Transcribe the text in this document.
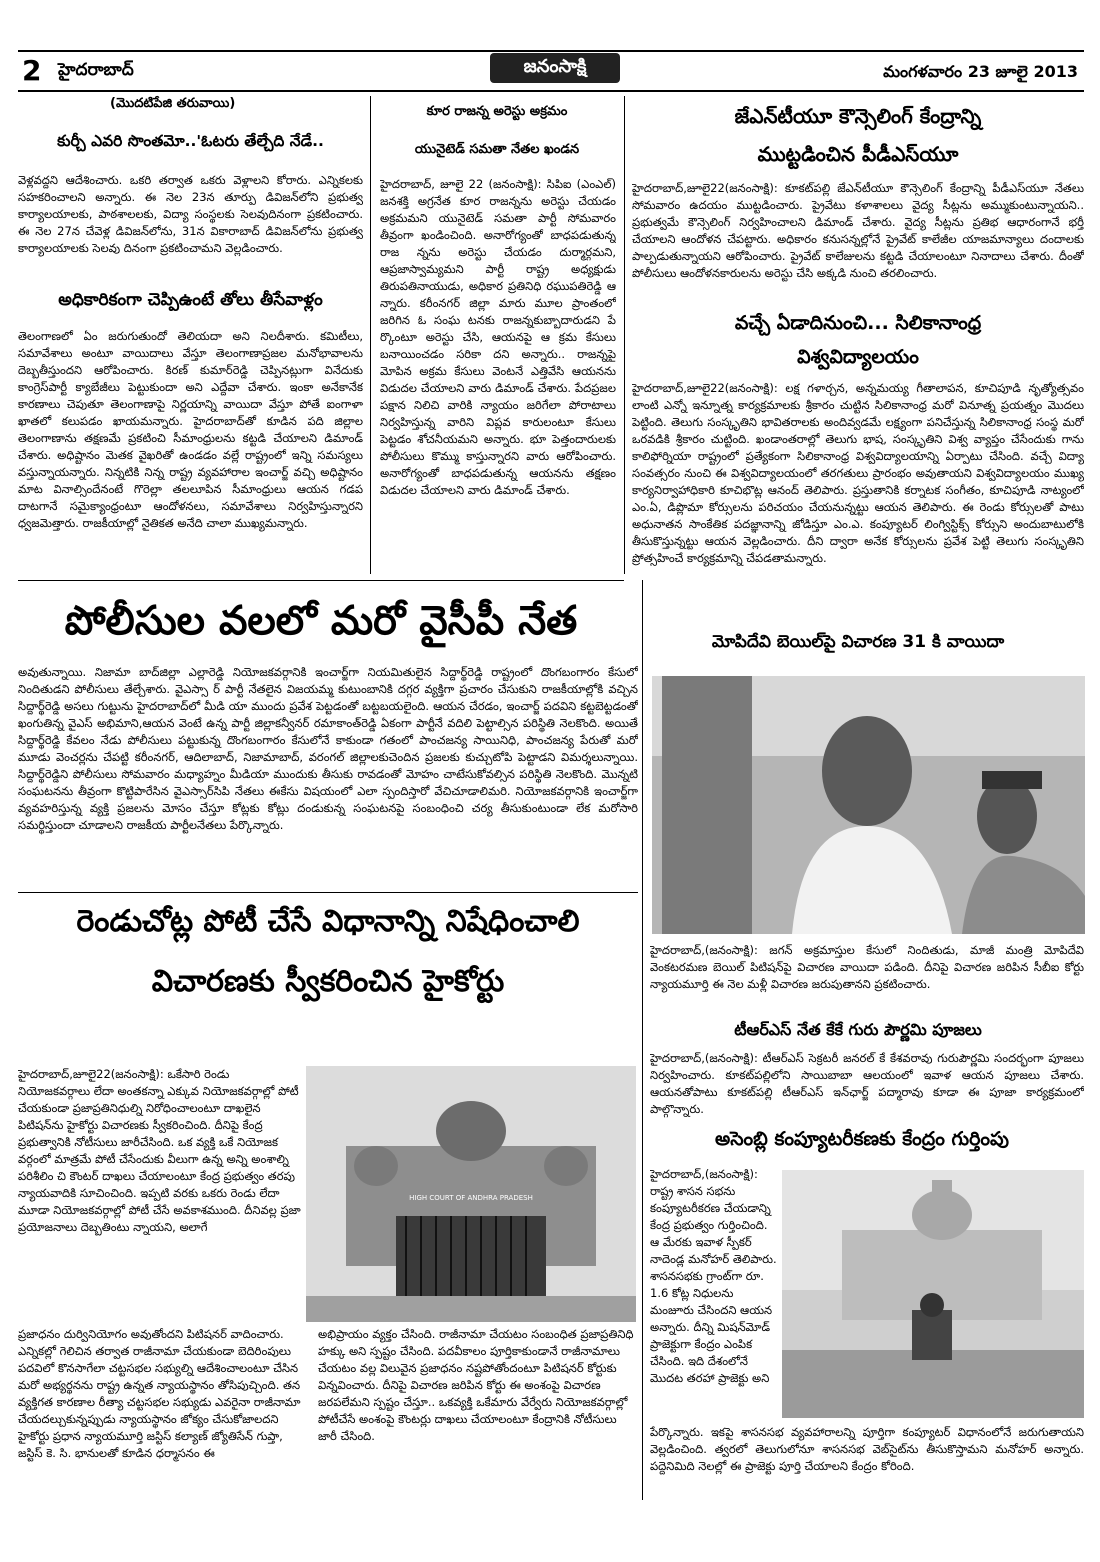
2 హైదరాబాద్	జనంసాక్షి	మంగళవారం 23 జూలై 2013
(మొదటిపేజి తరువాయి)
కుర్చీ ఎవరి సొంతమో..'ఓటరు తేల్చేది నేడే..
వెళ్లవద్దని ఆదేశించారు. ఒకరి తర్వాత ఒకరు వెళ్లాలని కోరారు. ఎన్నికలకు సహకరించాలని అన్నారు. ఈ నెల 23న తూర్పు డివిజన్‌లోని ప్రభుత్వ కార్యాలయాలకు, పాఠశాలలకు, విద్యా సంస్థలకు సెలవుదినంగా ప్రకటించారు. ఈ నెల 27న చేవెళ్ల డివిజన్‌లోను, 31న వికారాబాద్ డివిజన్‌లోను ప్రభుత్వ కార్యాలయాలకు సెలవు దినంగా ప్రకటించామని వెల్లడించారు.
అధికారికంగా చెప్పిఉంటే తోలు తీసేవాళ్లం
తెలంగాణలో ఏం జరుగుతుందో తెలియదా అని నిలదీశారు. కమిటీలు, సమావేశాలు అంటూ వాయిదాలు వేస్తూ తెలంగాణాప్రజల మనోభావాలను దెబ్బతీస్తుందని ఆరోపించారు. కిరణ్ కుమార్‌రెడ్డి చెప్పినట్లుగా వినేదుకు కాంగ్రెస్‌పార్టీ క్యాబేజీలు పెట్టుకుందా అని ఎద్దేవా చేశారు. ఇంకా అనేకానేక కారణాలు చెపుతూ తెలంగాణాపై నిర్ణయాన్ని వాయిదా వేస్తూ పోతే ఐంగాళా ఖాతలో కలుపడం ఖాయమన్నారు. హైదరాబాద్‌తో కూడిన పది జిల్లాల తెలంగాణాను తక్షణమే ప్రకటించి సీమాంధ్రులను కట్టడి చేయాలని డిమాండ్ చేశారు. అధిష్టానం మెతక వైఖరితో ఉండడం వల్లే రాష్ట్రంలో ఇన్ని సమస్యలు వస్తున్నాయన్నారు. నిన్నటికి నిన్న రాష్ట్ర వ్యవహారాల ఇంచార్జ్ వచ్చి అధిష్టానం మాట వినాల్సిందేనంటే గొరెల్లా తలలూపిన సీమాంధ్రులు ఆయన గడప దాటగానే సమైక్యాంధ్రంటూ ఆందోళనలు, సమావేశాలు నిర్వహిస్తున్నారని ధ్వజమెత్తారు. రాజకీయాల్లో నైతికత అనేది చాలా ముఖ్యమన్నారు.
కూర రాజన్న అరెస్టు అక్రమం
యునైటెడ్ సమతా నేతల ఖండన
హైదరాబాద్, జూలై 22 (జనంసాక్షి): సిపిఐ (ఎంఎల్) జనశక్తి అగ్రనేత కూర రాజన్నను అరెస్టు చేయడం అక్రమమని యునైటెడ్ సమతా పార్టీ సోమవారం తీవ్రంగా ఖండించింది. అనారోగ్యంతో బాధపడుతున్న రాజ న్నను అరెస్టు చేయడం దుర్మార్గమని, ఆప్రజాస్వామ్యమని పార్టీ రాష్ట్ర అధ్యక్షుడు తిరుపతినాయుడు, అధికార ప్రతినిధి రఘుపతిరెడ్డి ఆ న్నారు. కరీంనగర్ జిల్లా మారు మూల ప్రాంతంలో జరిగిన ఓ సంఘ టనకు రాజన్నకుబ్బాదారుడని పే ర్కొంటూ అరెస్టు చేసి, ఆయనపై ఆ క్రమ కేసులు బనాయించడం సరికా దని అన్నారు.. రాజన్నపై మోపిన అక్రమ కేసులు వెంటనే ఎత్తివేసి ఆయనను విడుదల చేయాలని వారు డిమాండ్ చేశారు. పేదప్రజల పక్షాన నిలిచి వారికి న్యాయం జరిగేలా పోరాటాలు నిర్వహిస్తున్న వారిని విప్లవ కారులంటూ కేసులు పెట్టడం శోచనీయమని అన్నారు. భూ పెత్తందారులకు పోలీసులు కొమ్ము కాస్తున్నారని వారు ఆరోపించారు. అనారోగ్యంతో బాధపడుతున్న ఆయనను తక్షణం విడుదల చేయాలని వారు డిమాండ్ చేశారు.
జేఎన్‌టీయూ కౌన్సెలింగ్ కేంద్రాన్ని
ముట్టడించిన పీడీఎస్‌యూ
హైదరాబాద్,జూలై22(జనంసాక్షి): కూకట్‌పల్లి జేఎన్‌టీయూ కౌన్సెలింగ్ కేంద్రాన్ని పీడీఎస్‌యూ నేతలు సోమవారం ఉదయం ముట్టడించారు. ప్రైవేటు కళాశాలలు వైద్య సీట్లను అమ్ముకుంటున్నాయని.. ప్రభుత్వమే కౌన్సెలింగ్ నిర్వహించాలని డిమాండ్ చేశారు. వైద్య సీట్లను ప్రతిభ ఆధారంగానే భర్తీ చేయాలని ఆందోళన చేపట్టారు. అధికారం కనుసన్నల్లోనే ప్రైవేట్ కాలేజీల యాజమాన్యాలు దందాలకు పాల్పడుతున్నాయని ఆరోపించారు. ప్రైవేట్ కాలేజులను కట్టడి చేయాలంటూ నినాదాలు చేశారు. దీంతో పోలీసులు ఆందోళనకారులను అరెస్టు చేసి అక్కడి నుంచి తరలించారు.
వచ్చే ఏడాదినుంచి... సిలికానాంధ్ర
విశ్వవిద్యాలయం
హైదరాబాద్,జూలై22(జనంసాక్షి): లక్ష గళార్చన, అన్నమయ్య గీతాలాపన, కూచిపూడి నృత్యోత్సవం లాంటి ఎన్నో ఇన్నూత్న కార్యక్రమాలకు శ్రీకారం చుట్టిన సిలికానాంధ్ర మరో వినూత్న ప్రయత్నం మొదలు పెట్టింది. తెలుగు సంస్కృతిని భావితరాలకు అందివ్వడమే లక్ష్యంగా పనిచేస్తున్న సిలికానాంధ్ర సంస్థ మరో ఒరవడికి శ్రీకారం చుట్టింది. ఖండాంతరాల్లో తెలుగు భాష, సంస్కృతిని విశ్వ వ్యాప్తం చేసేందుకు గాను కాలిఫోర్నియా రాష్ట్రంలో ప్రత్యేకంగా సిలికానాంధ్ర విశ్వవిద్యాలయాన్ని ఏర్పాటు చేసింది. వచ్చే విద్యా సంవత్సరం నుంచి ఈ విశ్వవిద్యాలయంలో తరగతులు ప్రారంభం అవుతాయని విశ్వవిద్యాలయం ముఖ్య కార్యనిర్వాహాధికారి కూచిభొట్ల ఆనంద్ తెలిపారు. ప్రస్తుతానికి కర్నాటక సంగీతం, కూచిపూడి నాట్యంలో ఎం.ఏ, డిప్లొమా కోర్సులను పరిచయం చేయనున్నట్టు ఆయన తెలిపారు. ఈ రెండు కోర్సులతో పాటు అధునాతన సాంకేతిక పదజ్ఞానాన్ని జోడిస్తూ ఎం.ఎ. కంప్యూటర్ లింగ్విస్టిక్స్ కోర్సుని అందుబాటులోకి తీసుకొస్తున్నట్టు ఆయన వెల్లడించారు. దీని ద్వారా అనేక కోర్సులను ప్రవేశ పెట్టి తెలుగు సంస్కృతిని ప్రోత్సహించే కార్యక్రమాన్ని చేపడతామన్నారు.
మోపిదేవి బెయిల్‌పై విచారణ 31 కి వాయిదా
హైదరాబాద్,(జనంసాక్షి): జగన్ అక్రమాస్తుల కేసులో నిందితుడు, మాజీ మంత్రి మోపిదేవి వెంకటరమణ బెయిల్ పిటిషన్‌పై విచారణ వాయిదా పడింది. దీనిపై విచారణ జరిపిన సీబీఐ కోర్టు న్యాయమూర్తి ఈ నెల మళ్లీ విచారణ జరుపుతానని ప్రకటించారు.
టీఆర్ఎస్ నేత కేకే గురు పౌర్ణమి పూజలు
హైదరాబాద్,(జనంసాక్షి): టీఆర్ఎస్ సెక్రటరీ జనరల్ కే కేశవరావు గురుపౌర్ణమి సందర్భంగా పూజలు నిర్వహించారు. కూకట్‌పల్లిలోని సాయిబాబా ఆలయంలో ఇవాళ ఆయన పూజలు చేశారు. ఆయనతోపాటు కూకట్‌పల్లి టీఆర్ఎస్ ఇన్‌ఛార్జ్ పద్మారావు కూడా ఈ పూజా కార్యక్రమంలో పాల్గొన్నారు.
అసెంబ్లి కంప్యూటరీకణకు కేంద్రం గుర్తింపు
హైదరాబాద్,(జనంసాక్షి): రాష్ట్ర శాసన సభను కంప్యూటరీకరణ చేయడాన్ని కేంద్ర ప్రభుత్వం గుర్తించింది. ఆ మేరకు ఇవాళ స్పీకర్ నాదెండ్ల మనోహర్ తెలిపారు. శాసనసభకు గ్రాంట్‌గా రూ. 1.6 కోట్ల నిధులను మంజూరు చేసిందని ఆయన అన్నారు. దీన్ని మిషన్‌మోడ్ ప్రాజెక్టుగా కేంద్రం ఎంపిక చేసింది. ఇది దేశంలోనే మొదట తరహా ప్రాజెక్టు అని
పేర్కొన్నారు. ఇకపై శాసనసభ వ్యవహారాలన్ని పూర్తిగా కంప్యూటర్ విధానంలోనే జరుగుతాయని వెల్లడించింది. త్వరలో తెలుగులోనూ శాసనసభ వెబ్‌సైట్‌ను తీసుకొస్తామని మనోహర్ అన్నారు. పద్దెనిమిది నెలల్లో ఈ ప్రాజెక్టు పూర్తి చేయాలని కేంద్రం కోరింది.
పోలీసుల వలలో మరో వైసీపీ నేత
అవుతున్నాయి. నిజామా బాద్‌జిల్లా ఎల్లారెడ్డి నియోజకవర్గానికి ఇంచార్జ్‌గా నియమితులైన సిద్దార్థ్‌రెడ్డి రాష్ట్రంలో దొంగబంగారం కేసులో నిందితుడని పోలీసులు తేల్చేశారు. వైఎస్సా ర్ పార్టీ నేతలైన విజయమ్మ కుటుంబానికి దగ్గర వ్యక్తిగా ప్రచారం చేసుకుని రాజకీయాల్లోకి వచ్చిన సిద్దార్థ్‌రెడ్డి అసలు గుట్టును హైదరాబాద్‌లో మీడి యా ముందు ప్రవేశ పెట్టడంతో బట్టబయలైంది. ఆయన చేరడం, ఇంచార్జ్ పదవిని కట్టబెట్టడంతో ఖంగుతిన్న వైఎస్ అభిమాని,ఆయన వెంటే ఉన్న పార్టీ జిల్లాకన్వీనర్ రమాకాంత్‌రెడ్డి ఏకంగా పార్టీనే వదిలి పెట్టాల్సిన పరిస్థితి నెలకొంది. అయితే సిద్దార్థ్‌రెడ్డి కేవలం నేడు పోలీసులు పట్టుకున్న దొంగబంగారం కేసులోనే కాకుండా గతంలో పాంచజన్య సాయినిధి, పాంచజన్య పేరుతో మరో మూడు వెంచర్లను చేపట్టి కరీంనగర్, ఆదిలాబాద్, నిజామాబాద్, వరంగల్ జిల్లాలకుచెందిన ప్రజలకు కుచ్చుటోపి పెట్టాడని విమర్శలున్నాయి. సిద్దార్థ్‌రెడ్డిని పోలీసులు సోమవారం మధ్యాహ్నం మీడియా ముందుకు తీసుకు రావడంతో మోహం చాటేసుకోవల్సిన పరిస్థితి నెలకొంది. మొన్నటి సంఘటనను తీవ్రంగా కొట్టిపారేసిన వైఎస్సార్‌సిపి నేతలు ఈకేసు విషయంలో ఎలా స్పందిస్తారో వేచిచూడాలిమరి. నియోజకవర్గానికి ఇంచార్జ్‌గా వ్యవహరిస్తున్న వ్యక్తి ప్రజలను మోసం చేస్తూ కోట్లకు కోట్లు దండుకున్న సంఘటనపై సంబంధించి చర్య తీసుకుంటుండా లేక మరోసారి సమర్థిస్తుందా చూడాలని రాజకీయ పార్టీలనేతలు పేర్కొన్నారు.
రెండుచోట్ల పోటీ చేసే విధానాన్ని నిషేధించాలి
విచారణకు స్వీకరించిన హైకోర్టు
హైదరాబాద్,జూలై22(జనంసాక్షి): ఒకేసారి రెండు నియోజకవర్గాలు లేదా అంతకన్నా ఎక్కువ నియోజకవర్గాల్లో పోటీ చేయకుండా ప్రజాప్రతినిధుల్ని నిరోధించాలంటూ దాఖలైన పిటిషన్‌ను హైకోర్టు విచారణకు స్వీకరించింది. దీనిపై కేంద్ర ప్రభుత్వానికి నోటీసులు జారీచేసింది. ఒక వ్యక్తి ఒకే నియోజక వర్గంలో మాత్రమే పోటీ చేసేందుకు వీలుగా ఉన్న అన్ని అంశాల్ని పరిశీలిం చి కౌంటర్ దాఖలు చేయాలంటూ కేంద్ర ప్రభుత్వం తరపు న్యాయవాదికి సూచించింది. ఇప్పటి వరకు ఒకరు రెండు లేదా మూడా నియోజకవర్గాల్లో పోటీ చేసే అవకాశముంది. దీనివల్ల ప్రజా ప్రయోజనాలు దెబ్బతింటు న్నాయని, అలాగే
HIGH COURT OF ANDHRA PRADESH
ప్రజాధనం దుర్వినియోగం అవుతోందని పిటిషనర్ వాదించారు. ఎన్నికల్లో గెలిచిన తర్వాత రాజీనామా చేయకుండా బెదిరింపులు పదవిలో కొనసాగేలా చట్టసభల సభ్యుల్ని ఆదేశించాలంటూ చేసిన మరో అభ్యర్థనను రాష్ట్ర ఉన్నత న్యాయస్థానం తోసిపుచ్చింది. తన వ్యక్తిగత కారణాల రీత్యా చట్టసభల సభ్యుడు ఎవరైనా రాజీనామా చేయదల్చుకున్నప్పుడు న్యాయస్థానం జోక్యం చేసుకోజాలదని హైకోర్టు ప్రధాన న్యాయమూర్తి జస్టిస్ కల్యాణ్ జ్యోతిసేన్ గుప్తా, జస్టిస్ కె. సి. భానులతో కూడిన ధర్మాసనం ఈ
అభిప్రాయం వ్యక్తం చేసింది. రాజీనామా చేయటం సంబంధిత ప్రజాప్రతినిధి హక్కు అని స్పష్టం చేసింది. పదవీకాలం పూర్తికాకుండానే రాజీనామాలు చేయటం వల్ల విలువైన ప్రజాధనం నష్టపోతోందంటూ పిటిషనర్ కోర్టుకు విన్నవించారు. దీనిపై విచారణ జరిపిన కోర్టు ఈ అంశంపై విచారణ జరపలేమని స్పష్టం చేస్తూ.. ఒకవ్యక్తి ఒకేమారు వేర్వేరు నియోజకవర్గాల్లో పోటీచేసే అంశంపై కౌంటర్లు దాఖలు చేయాలంటూ కేంద్రానికి నోటీసులు జారీ చేసింది.
